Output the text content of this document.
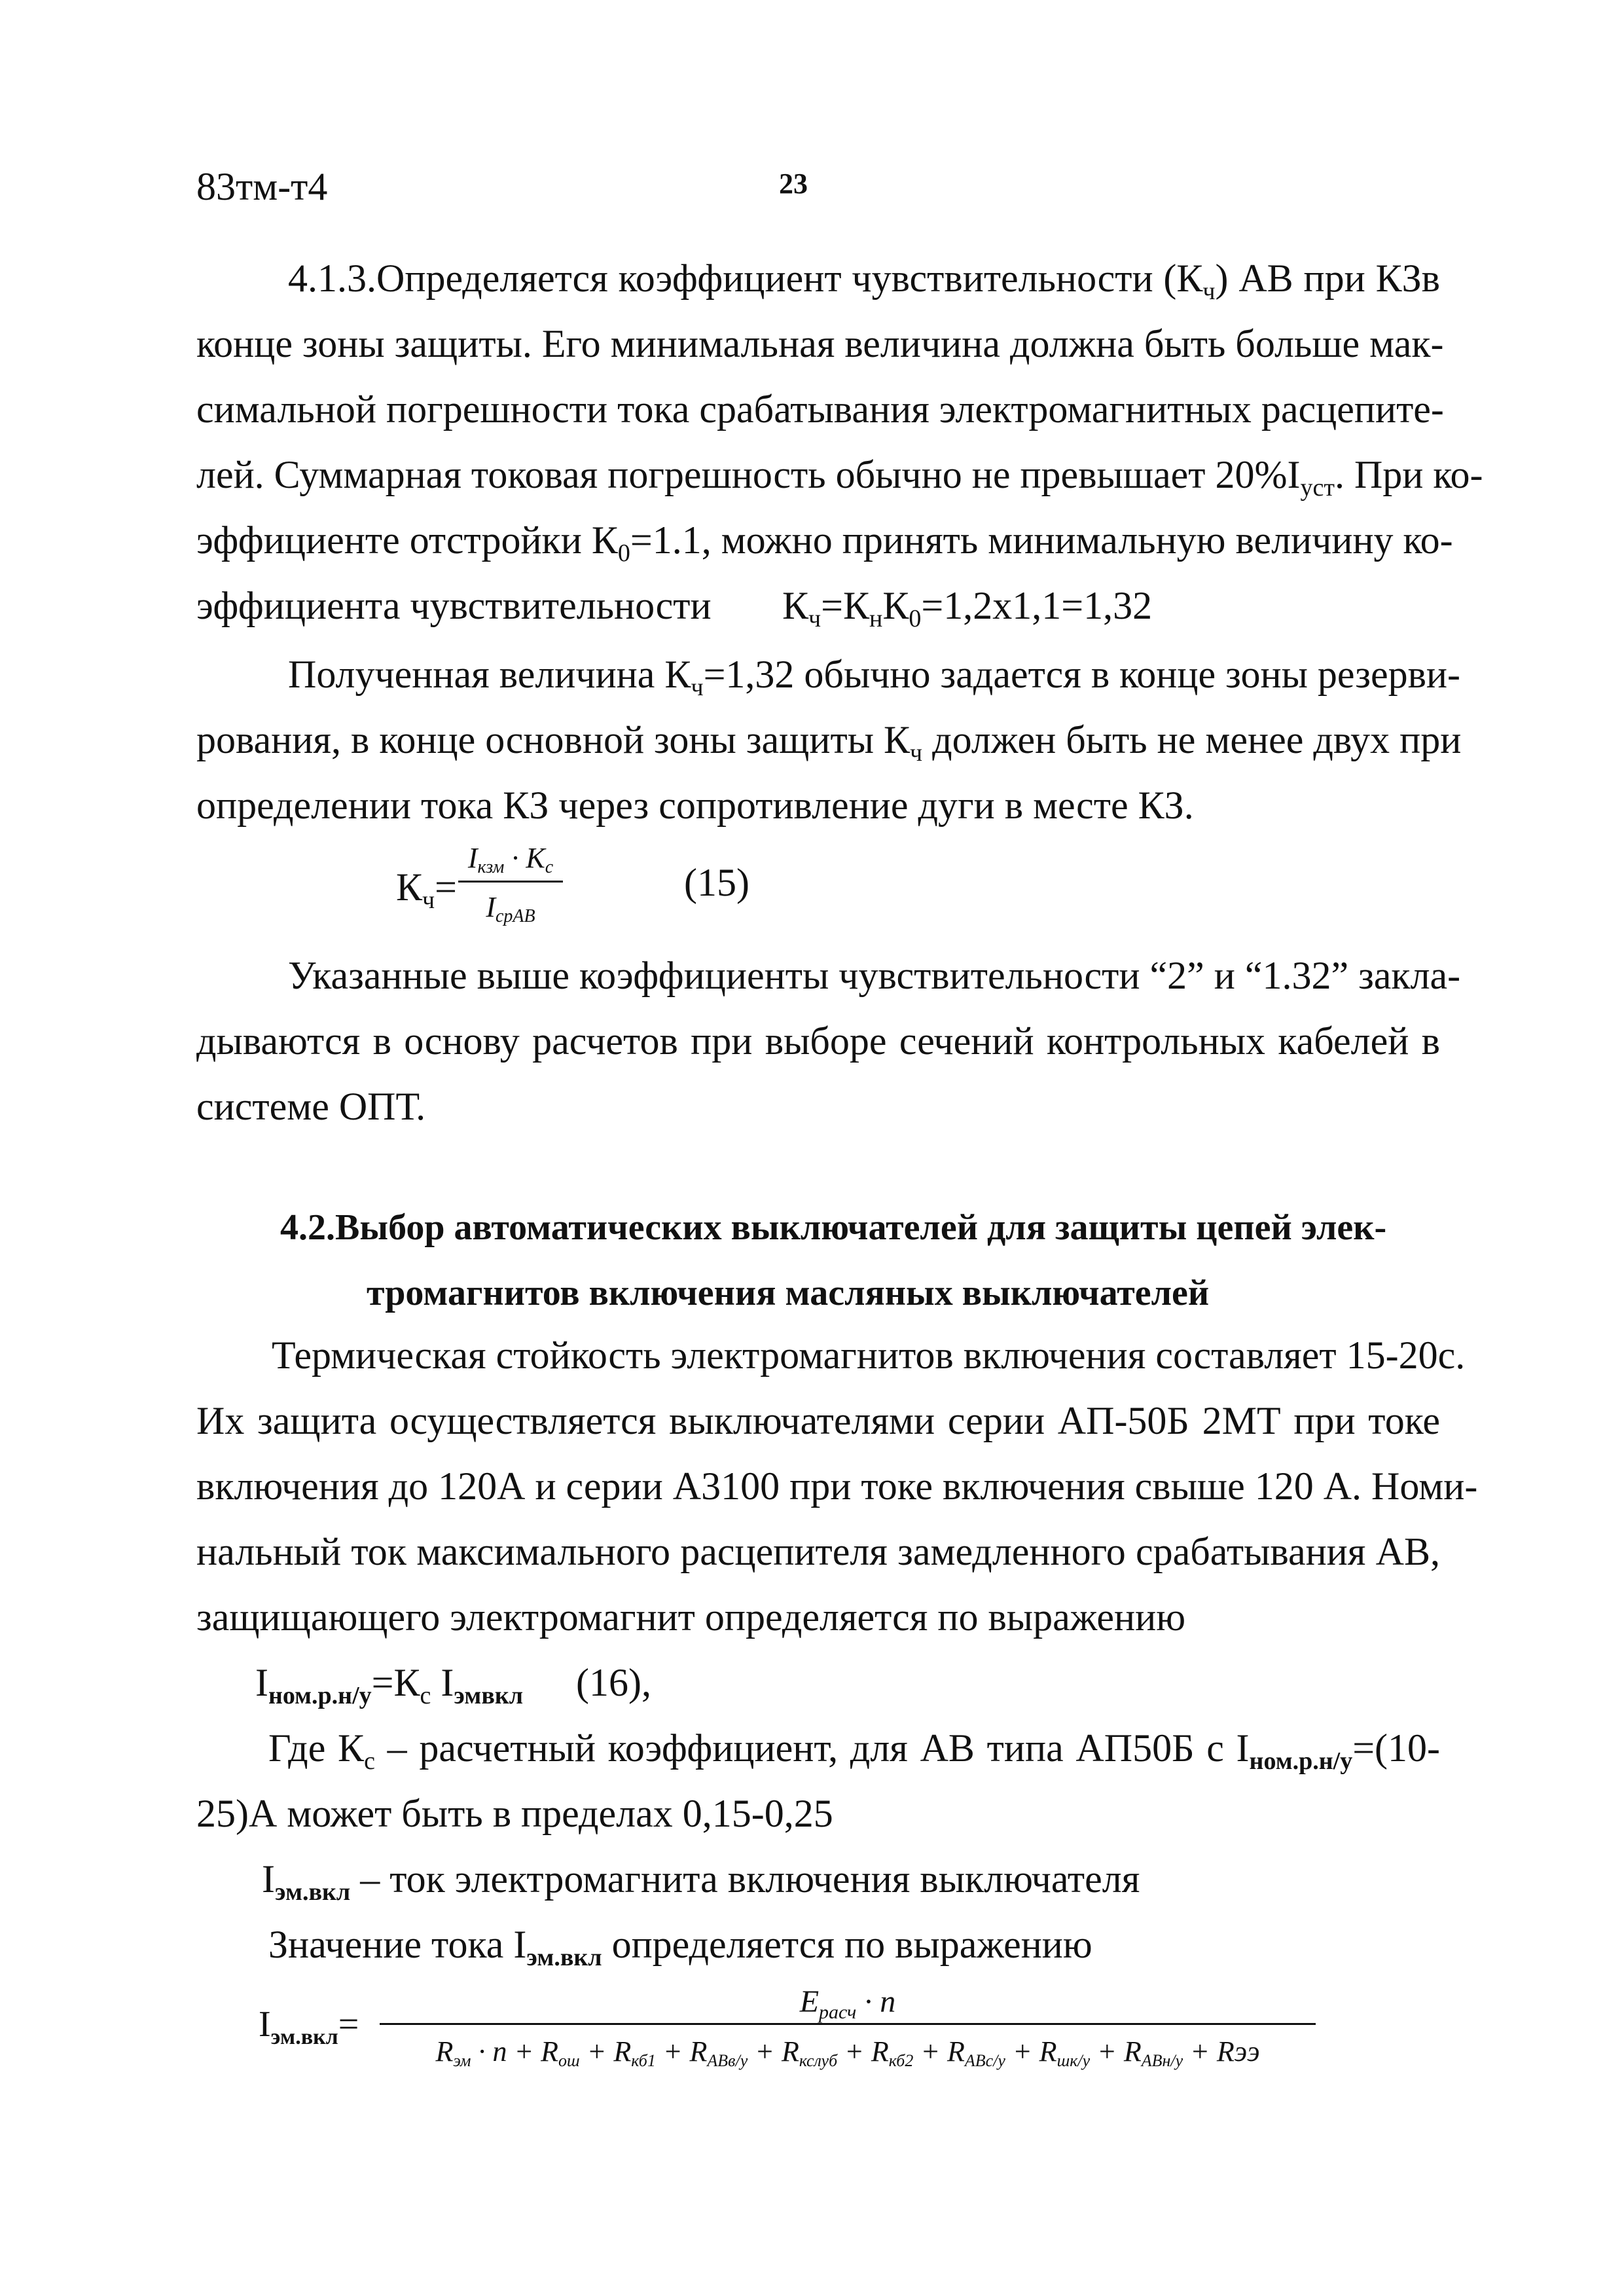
83тм-т4	23
4.1.3.Определяется коэффициент чувствительности $(К_ч)$ АВ при КЗв
конце зоны защиты. Его минимальная величина должна быть больше мак-
симальной погрешности тока срабатывания электромагнитных расцепите-
лей. Суммарная токовая погрешность обычно не превышает $20\%I_{уст}$. При ко-
эффициенте отстройки $К_0=1.1$, можно принять минимальную величину ко-
эффициента чувствительности $К_ч=К_нК_0=1,2х1,1=1,32$
Полученная величина $К_ч=1,32$ обычно задается в конце зоны резерви-
рования, в конце основной зоны защиты $К_ч$ должен быть не менее двух при
определении тока КЗ через сопротивление дуги в месте КЗ.
$К_ч=$
Iкзм · Kc
IсрАВ
(15)
Указанные выше коэффициенты чувствительности “2” и “1.32” закла-
дываются в основу расчетов при выборе сечений контрольных кабелей в
системе ОПТ.
4.2.Выбор автоматических выключателей для защиты цепей элек-
тромагнитов включения масляных выключателей
Термическая стойкость электромагнитов включения составляет 15-20с.
Их защита осуществляется выключателями серии АП-50Б 2МТ при токе
включения до 120А и серии А3100 при токе включения свыше 120 А. Номи-
нальный ток максимального расцепителя замедленного срабатывания АВ,
защищающего электромагнит определяется по выражению
$I_{ном.р.н/у}=К_с$ $I_{эмвкл}$ (16),
Где $К_с$ – расчетный коэффициент, для АВ типа АП50Б с $I_{ном.р.н/у}=(10-$
25)А может быть в пределах 0,15-0,25
$I_{эм.вкл}$ – ток электромагнита включения выключателя
Значение тока $I_{эм.вкл}$ определяется по выражению
$I_{эм.вкл}=$
$E_{расч} \cdot n$
Rэм · n + Rош + Rкб1 + RАВв/у + Rкслуб + Rкб2 + RАВс/у + Rшк/у + RАВн/у + Rээ
